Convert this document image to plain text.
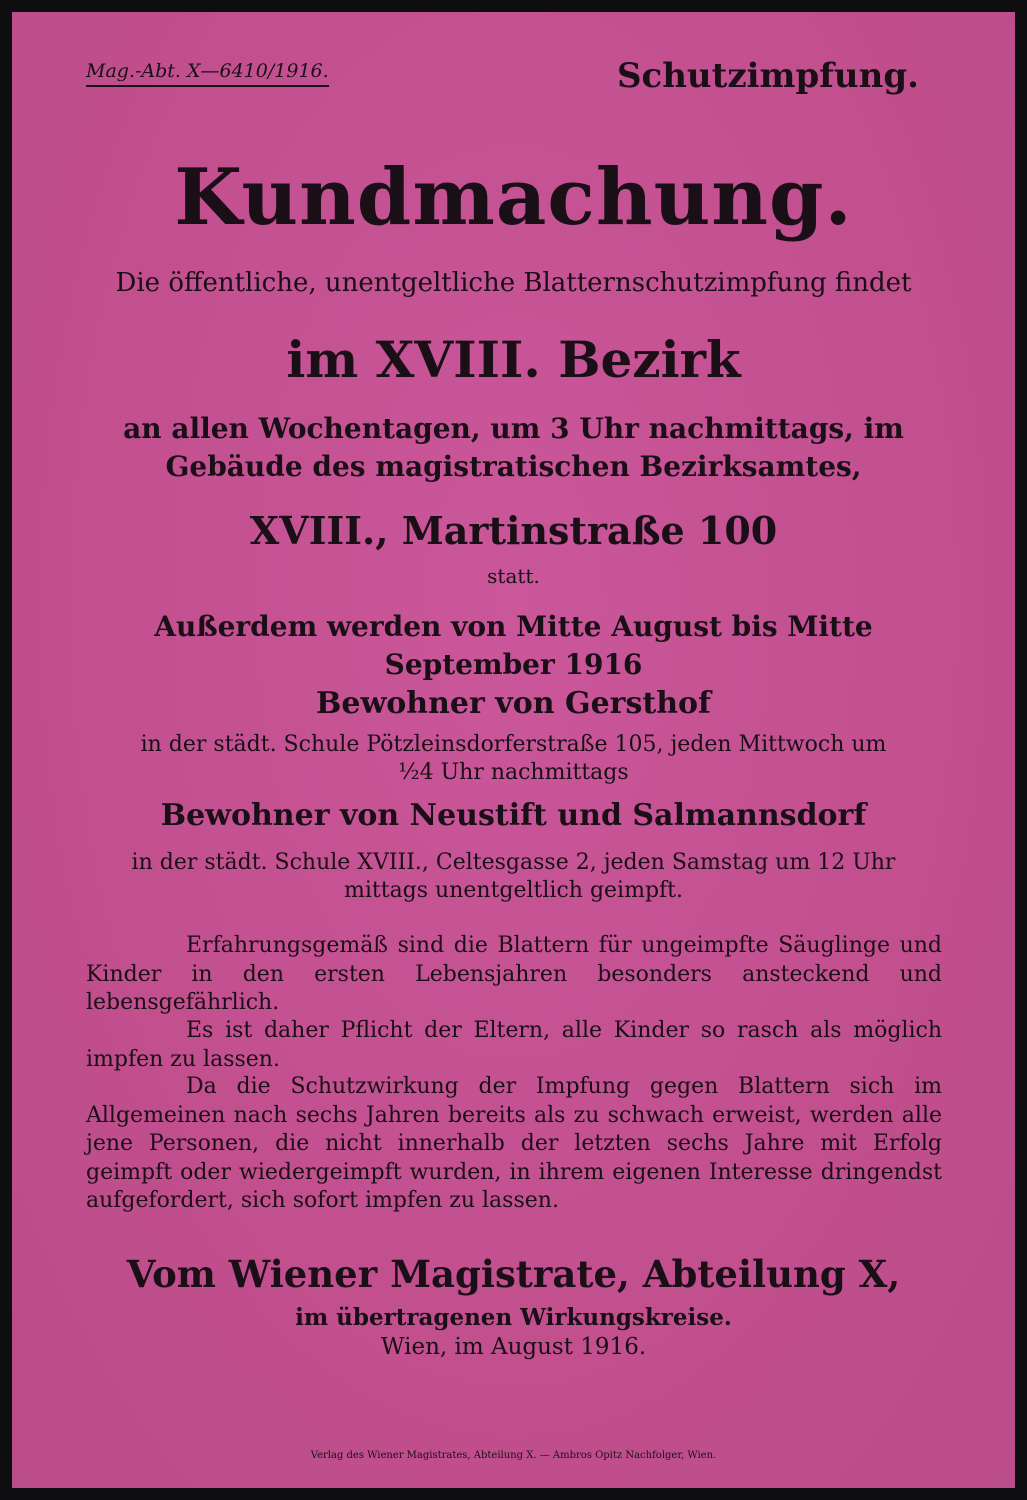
Mag.-Abt. X—6410/1916.	Schutzimpfung.
Kundmachung.
Die öffentliche, unentgeltliche Blatternschutzimpfung findet
im XVIII. Bezirk
an allen Wochentagen, um 3 Uhr nachmittags, im
Gebäude des magistratischen Bezirksamtes,
XVIII., Martinstraße 100
statt.
Außerdem werden von Mitte August bis Mitte
September 1916
Bewohner von Gersthof
in der städt. Schule Pötzleinsdorferstraße 105, jeden Mittwoch um
½4 Uhr nachmittags
Bewohner von Neustift und Salmannsdorf
in der städt. Schule XVIII., Celtesgasse 2, jeden Samstag um 12 Uhr
mittags unentgeltlich geimpft.
Erfahrungsgemäß sind die Blattern für ungeimpfte Säuglinge und Kinder in den ersten Lebensjahren besonders ansteckend und lebensgefährlich.
Es ist daher Pflicht der Eltern, alle Kinder so rasch als möglich impfen zu lassen.
Da die Schutzwirkung der Impfung gegen Blattern sich im Allgemeinen nach sechs Jahren bereits als zu schwach erweist, werden alle jene Personen, die nicht innerhalb der letzten sechs Jahre mit Erfolg geimpft oder wiedergeimpft wurden, in ihrem eigenen Interesse dringendst aufgefordert, sich sofort impfen zu lassen.
Vom Wiener Magistrate, Abteilung X,
im übertragenen Wirkungskreise.
Wien, im August 1916.
Verlag des Wiener Magistrates, Abteilung X. — Ambros Opitz Nachfolger, Wien.
